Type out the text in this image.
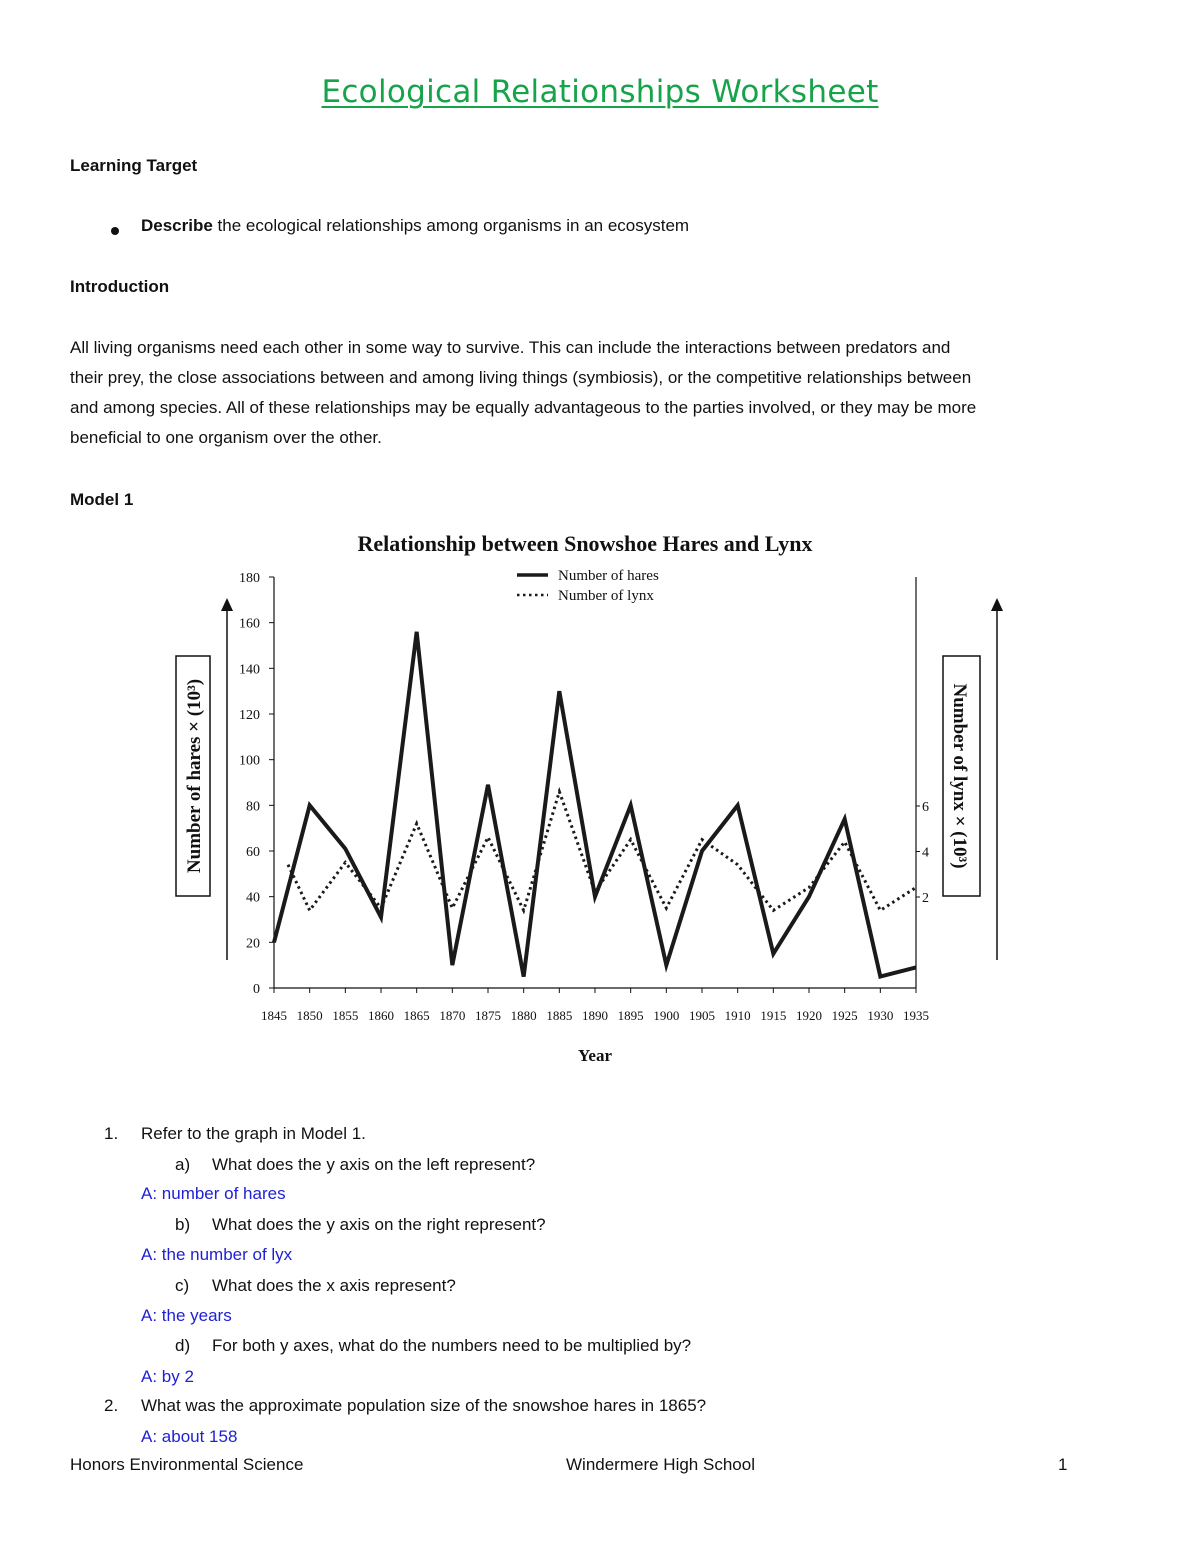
Ecological Relationships Worksheet
Learning Target
Describe the ecological relationships among organisms in an ecosystem
Introduction
All living organisms need each other in some way to survive. This can include the interactions between predators and
their prey, the close associations between and among living things (symbiosis), or the competitive relationships between
and among species. All of these relationships may be equally advantageous to the parties involved, or they may be more
beneficial to one organism over the other.
Model 1
Relationship between Snowshoe Hares and Lynx
0
20
40
60
80
100
120
140
160
180
2
4
6
1845 1850 1855 1860 1865 1870 1875 1880 1885 1890 1895 1900 1905 1910 1915 1920 1925 1930 1935
Number of hares
Number of lynx
Number of hares × (10³)	Number of lynx × (10³)
Year
1. Refer to the graph in Model 1.
a) What does the y axis on the left represent?
A: number of hares
b) What does the y axis on the right represent?
A: the number of lyx
c) What does the x axis represent?
A: the years
d) For both y axes, what do the numbers need to be multiplied by?
A: by 2
2. What was the approximate population size of the snowshoe hares in 1865?
A: about 158
Honors Environmental Science	Windermere High School	1
